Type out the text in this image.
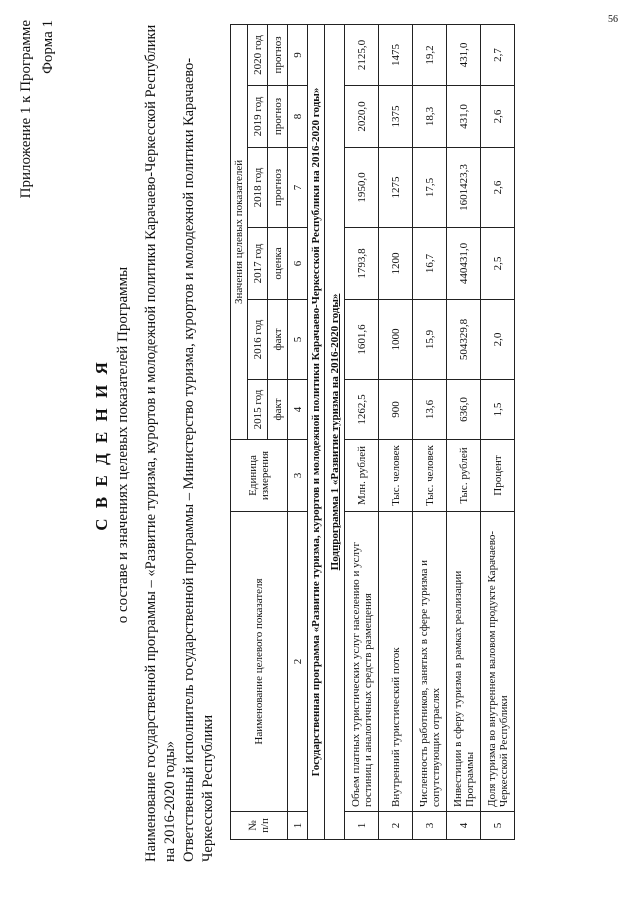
56
Приложение 1 к Программе Форма 1
С В Е Д Е Н И Я о составе и значениях целевых показателей Программы Наименование государственной программы – «Развитие туризма, курортов и молодежной политики Карачаево-Черкесской Республики на 2016-2020 годы» Ответственный исполнитель государственной программы – Министерство туризма, курортов и молодежной политики Карачаево-Черкесской Республики	№ п/п	Наименование целевого показателя	Единица измерения	Значения целевых показателей					
			2015 год	2016 год	2017 год	2018 год	2019 год	2020 год
			факт	факт	оценка	прогноз	прогноз	прогноз
1	2	3	4	5	6	7	8	9
Государственная программа «Развитие туризма, курортов и молодежной политики Карачаево-Черкесской Республики на 2016-2020 годы»								
Подпрограмма 1 «Развитие туризма на 2016-2020 годы»								
1	Объем платных туристических услуг населению и услуг гостиниц и аналогичных средств размещения	Млн. рублей	1262,5	1601,6	1793,8	1950,0	2020,0	2125,0
2	Внутренний туристический поток	Тыс. человек	900	1000	1200	1275	1375	1475
3	Численность работников, занятых в сфере туризма и сопутствующих отраслях	Тыс. человек	13,6	15,9	16,7	17,5	18,3	19,2
4	Инвестиции в сферу туризма в рамках реализации Программы	Тыс. рублей	636,0	504329,8	440431,0	1601423,3	431,0	431,0
5	Доля туризма во внутреннем валовом продукте Карачаево-Черкесской Республики	Процент	1,5	2,0	2,5	2,6	2,6	2,7
